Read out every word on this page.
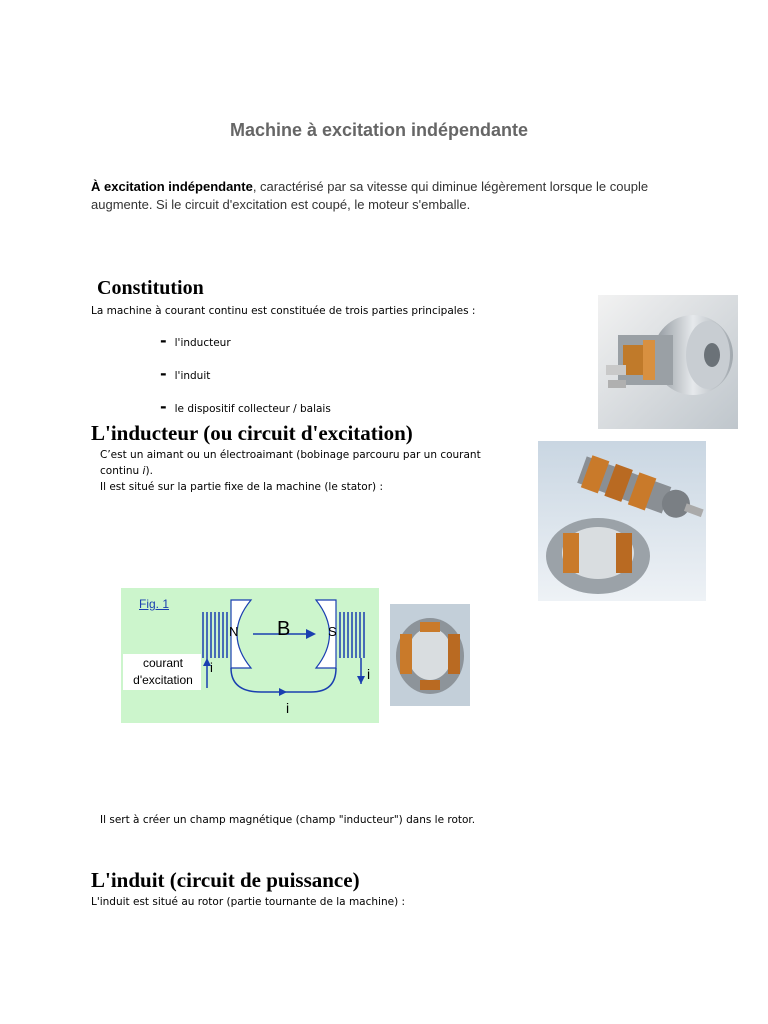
Machine à excitation indépendante
À excitation indépendante, caractérisé par sa vitesse qui diminue légèrement lorsque le couple augmente. Si le circuit d'excitation est coupé, le moteur s'emballe.
Constitution
La machine à courant continu est constituée de trois parties principales :
- l'inducteur
- l'induit
- le dispositif collecteur / balais
L'inducteur (ou circuit d'excitation)
C’est un aimant ou un électroaimant (bobinage parcouru par un courant
continu i).
Il est situé sur la partie fixe de la machine (le stator) :
Fig. 1
N	S
B
courant
d'excitation
i	i
i
Il sert à créer un champ magnétique (champ "inducteur") dans le rotor.
L'induit (circuit de puissance)
L'induit est situé au rotor (partie tournante de la machine) :
